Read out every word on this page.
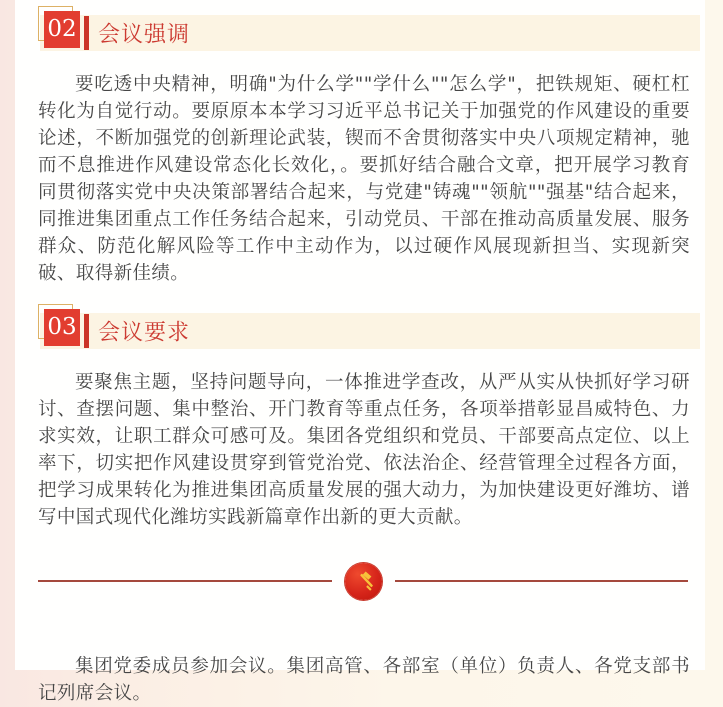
02 会议强调

要吃透中央精神，明确"为什么学""学什么""怎么学"，把铁规矩、硬杠杠转化为自觉行动。要原原本本学习习近平总书记关于加强党的作风建设的重要论述，不断加强党的创新理论武装，锲而不舍贯彻落实中央八项规定精神，驰而不息推进作风建设常态化长效化，。要抓好结合融合文章，把开展学习教育同贯彻落实党中央决策部署结合起来，与党建"铸魂""领航""强基"结合起来，同推进集团重点工作任务结合起来，引动党员、干部在推动高质量发展、服务群众、防范化解风险等工作中主动作为，以过硬作风展现新担当、实现新突破、取得新佳绩。

03 会议要求

要聚焦主题，坚持问题导向，一体推进学查改，从严从实从快抓好学习研讨、查摆问题、集中整治、开门教育等重点任务，各项举措彰显昌威特色、力求实效，让职工群众可感可及。集团各党组织和党员、干部要高点定位、以上率下，切实把作风建设贯穿到管党治党、依法治企、经营管理全过程各方面，把学习成果转化为推进集团高质量发展的强大动力，为加快建设更好潍坊、谱写中国式现代化潍坊实践新篇章作出新的更大贡献。

集团党委成员参加会议。集团高管、各部室（单位）负责人、各党支部书记列席会议。
